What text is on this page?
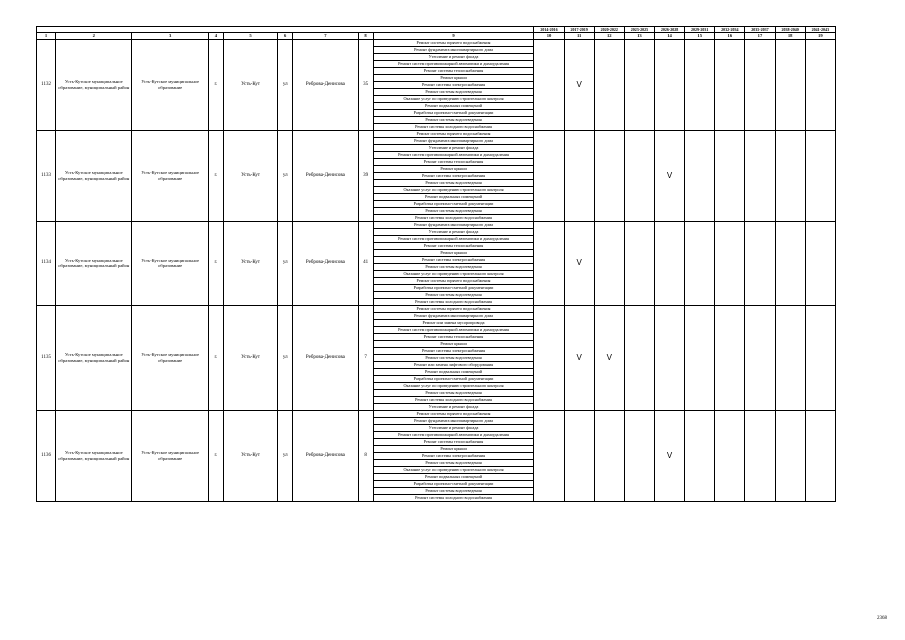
									2014-2016	2017-2019	2020-2022	2023-2025	2026-2028	2029-2031	2032-2034	2035-2037	2038-2040	2041-2043
1	2	3	4	5	6	7	8	9	10	11	12	13	14	15	16	17	18	19
1132	Усть-Кутское муниципальное образование, муниципальный район	Усть-Кутское муниципальное образование	г.	Усть-Кут	ул	Реброва-Денисова	35	Ремонт системы горячего водоснабжения		V								
								Ремонт фундамента многоквартирного дома										
								Утепление и ремонт фасада										
								Ремонт систем противопожарной автоматики и дымоудаления										
								Ремонт системы теплоснабжения										
								Ремонт крыши										
								Ремонт системы электроснабжения										
								Ремонт системы водоотведения										
								Оказание услуг по проведению строительного контроля										
								Ремонт подвальных помещений										
								Разработка проектно-сметной документации										
								Ремонт системы водоотведения										
								Ремонт системы холодного водоснабжения										
1133	Усть-Кутское муниципальное образование, муниципальный район	Усть-Кутское муниципальное образование	г.	Усть-Кут	ул	Реброва-Денисова	39	Ремонт системы горячего водоснабжения					V					
								Ремонт фундамента многоквартирного дома										
								Утепление и ремонт фасада										
								Ремонт систем противопожарной автоматики и дымоудаления										
								Ремонт системы теплоснабжения										
								Ремонт крыши										
								Ремонт системы электроснабжения										
								Ремонт системы водоотведения										
								Оказание услуг по проведению строительного контроля										
								Ремонт подвальных помещений										
								Разработка проектно-сметной документации										
								Ремонт системы водоотведения										
								Ремонт системы холодного водоснабжения										
1134	Усть-Кутское муниципальное образование, муниципальный район	Усть-Кутское муниципальное образование	г.	Усть-Кут	ул	Реброва-Денисова	41	Ремонт фундамента многоквартирного дома		V								
								Утепление и ремонт фасада										
								Ремонт систем противопожарной автоматики и дымоудаления										
								Ремонт системы теплоснабжения										
								Ремонт крыши										
								Ремонт системы электроснабжения										
								Ремонт системы водоотведения										
								Оказание услуг по проведению строительного контроля										
								Ремонт системы горячего водоснабжения										
								Разработка проектно-сметной документации										
								Ремонт системы водоотведения										
								Ремонт системы холодного водоснабжения										
1135	Усть-Кутское муниципальное образование, муниципальный район	Усть-Кутское муниципальное образование	г.	Усть-Кут	ул	Реброва-Денисова	7	Ремонт системы горячего водоснабжения		V	V							
								Ремонт фундамента многоквартирного дома										
								Ремонт или замена мусоропровода										
								Ремонт систем противопожарной автоматики и дымоудаления										
								Ремонт системы теплоснабжения										
								Ремонт крыши										
								Ремонт системы электроснабжения										
								Ремонт системы водоотведения										
								Ремонт или замена лифтового оборудования										
								Ремонт подвальных помещений										
								Разработка проектно-сметной документации										
								Оказание услуг по проведению строительного контроля										
								Ремонт системы водоотведения										
								Ремонт системы холодного водоснабжения										
								Утепление и ремонт фасада										
1136	Усть-Кутское муниципальное образование, муниципальный район	Усть-Кутское муниципальное образование	г.	Усть-Кут	ул	Реброва-Денисова	8	Ремонт системы горячего водоснабжения					V					
								Ремонт фундамента многоквартирного дома										
								Утепление и ремонт фасада										
								Ремонт систем противопожарной автоматики и дымоудаления										
								Ремонт системы теплоснабжения										
								Ремонт крыши										
								Ремонт системы электроснабжения										
								Ремонт системы водоотведения										
								Оказание услуг по проведению строительного контроля										
								Ремонт подвальных помещений										
								Разработка проектно-сметной документации										
								Ремонт системы водоотведения										
								Ремонт системы холодного водоснабжения										
2368
